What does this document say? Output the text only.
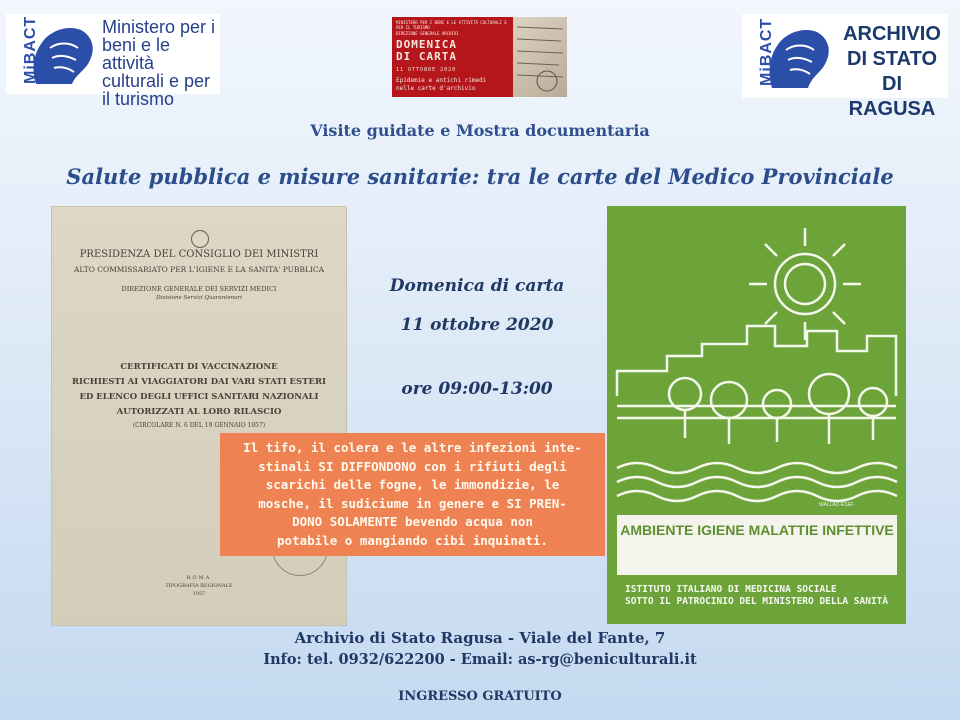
MiBACT	Ministero per i beni e le attività culturali e per il turismo
MINISTERO PER I BENI E LE ATTIVITÀ CULTURALI E PER IL TURISMO
DIREZIONE GENERALE ARCHIVI
DOMENICA
DI CARTA
11 OTTOBRE 2020
Epidemie e antichi rimedi
nelle carte d'archivio
MiBACT	ARCHIVIO
DI STATO
DI RAGUSA
Visite guidate e Mostra documentaria
Salute pubblica e misure sanitarie: tra le carte del Medico Provinciale
PRESIDENZA DEL CONSIGLIO DEI MINISTRI
ALTO COMMISSARIATO PER L'IGIENE E LA SANITA' PUBBLICA
DIREZIONE GENERALE DEI SERVIZI MEDICI
Divisione Servizi Quarantenari
CERTIFICATI DI VACCINAZIONE
RICHIESTI AI VIAGGIATORI DAI VARI STATI ESTERI
ED ELENCO DEGLI UFFICI SANITARI NAZIONALI
AUTORIZZATI AL LORO RILASCIO
(CIRCOLARE N. 6 DEL 19 GENNAIO 1957)
ROMA
TIPOGRAFIA REGIONALE
1957
Domenica di carta
11 ottobre 2020
ore 09:00-13:00
WALLAU-ESEF
AMBIENTE IGIENE MALATTIE INFETTIVE
ISTITUTO ITALIANO DI MEDICINA SOCIALE
SOTTO IL PATROCINIO DEL MINISTERO DELLA SANITÀ
Il tifo, il colera e le altre infezioni inte-
stinali SI DIFFONDONO con i rifiuti degli
scarichi delle fogne, le immondizie, le
mosche, il sudiciume in genere e SI PREN-
DONO SOLAMENTE bevendo acqua non
potabile o mangiando cibi inquinati.
Archivio di Stato Ragusa - Viale del Fante, 7
Info: tel. 0932/622200 - Email: as-rg@beniculturali.it
INGRESSO GRATUITO
